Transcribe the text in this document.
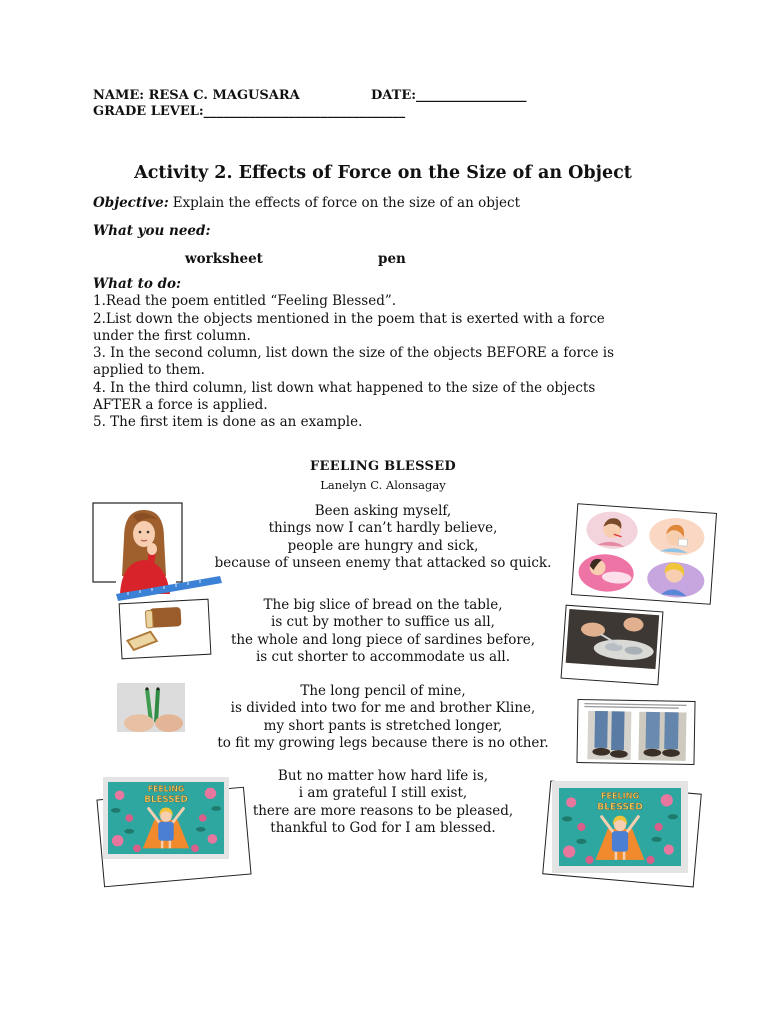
NAME: RESA C. MAGUSARA	DATE:_________________
GRADE LEVEL:_______________________________
Activity 2. Effects of Force on the Size of an Object
Objective: Explain the effects of force on the size of an object
What you need:
worksheet	pen
What to do:
1.Read the poem entitled “Feeling Blessed”.
2.List down the objects mentioned in the poem that is exerted with a force
under the first column.
3. In the second column, list down the size of the objects BEFORE a force is
applied to them.
4. In the third column, list down what happened to the size of the objects
AFTER a force is applied.
5. The first item is done as an example.
FEELING BLESSED
Lanelyn C. Alonsagay
FEELING
BLESSED	FEELING
BLESSED
Been asking myself,
things now I can’t hardly believe,
people are hungry and sick,
because of unseen enemy that attacked so quick.
The big slice of bread on the table,
is cut by mother to suffice us all,
the whole and long piece of sardines before,
is cut shorter to accommodate us all.
The long pencil of mine,
is divided into two for me and brother Kline,
my short pants is stretched longer,
to fit my growing legs because there is no other.
But no matter how hard life is,
i am grateful I still exist,
there are more reasons to be pleased,
thankful to God for I am blessed.
